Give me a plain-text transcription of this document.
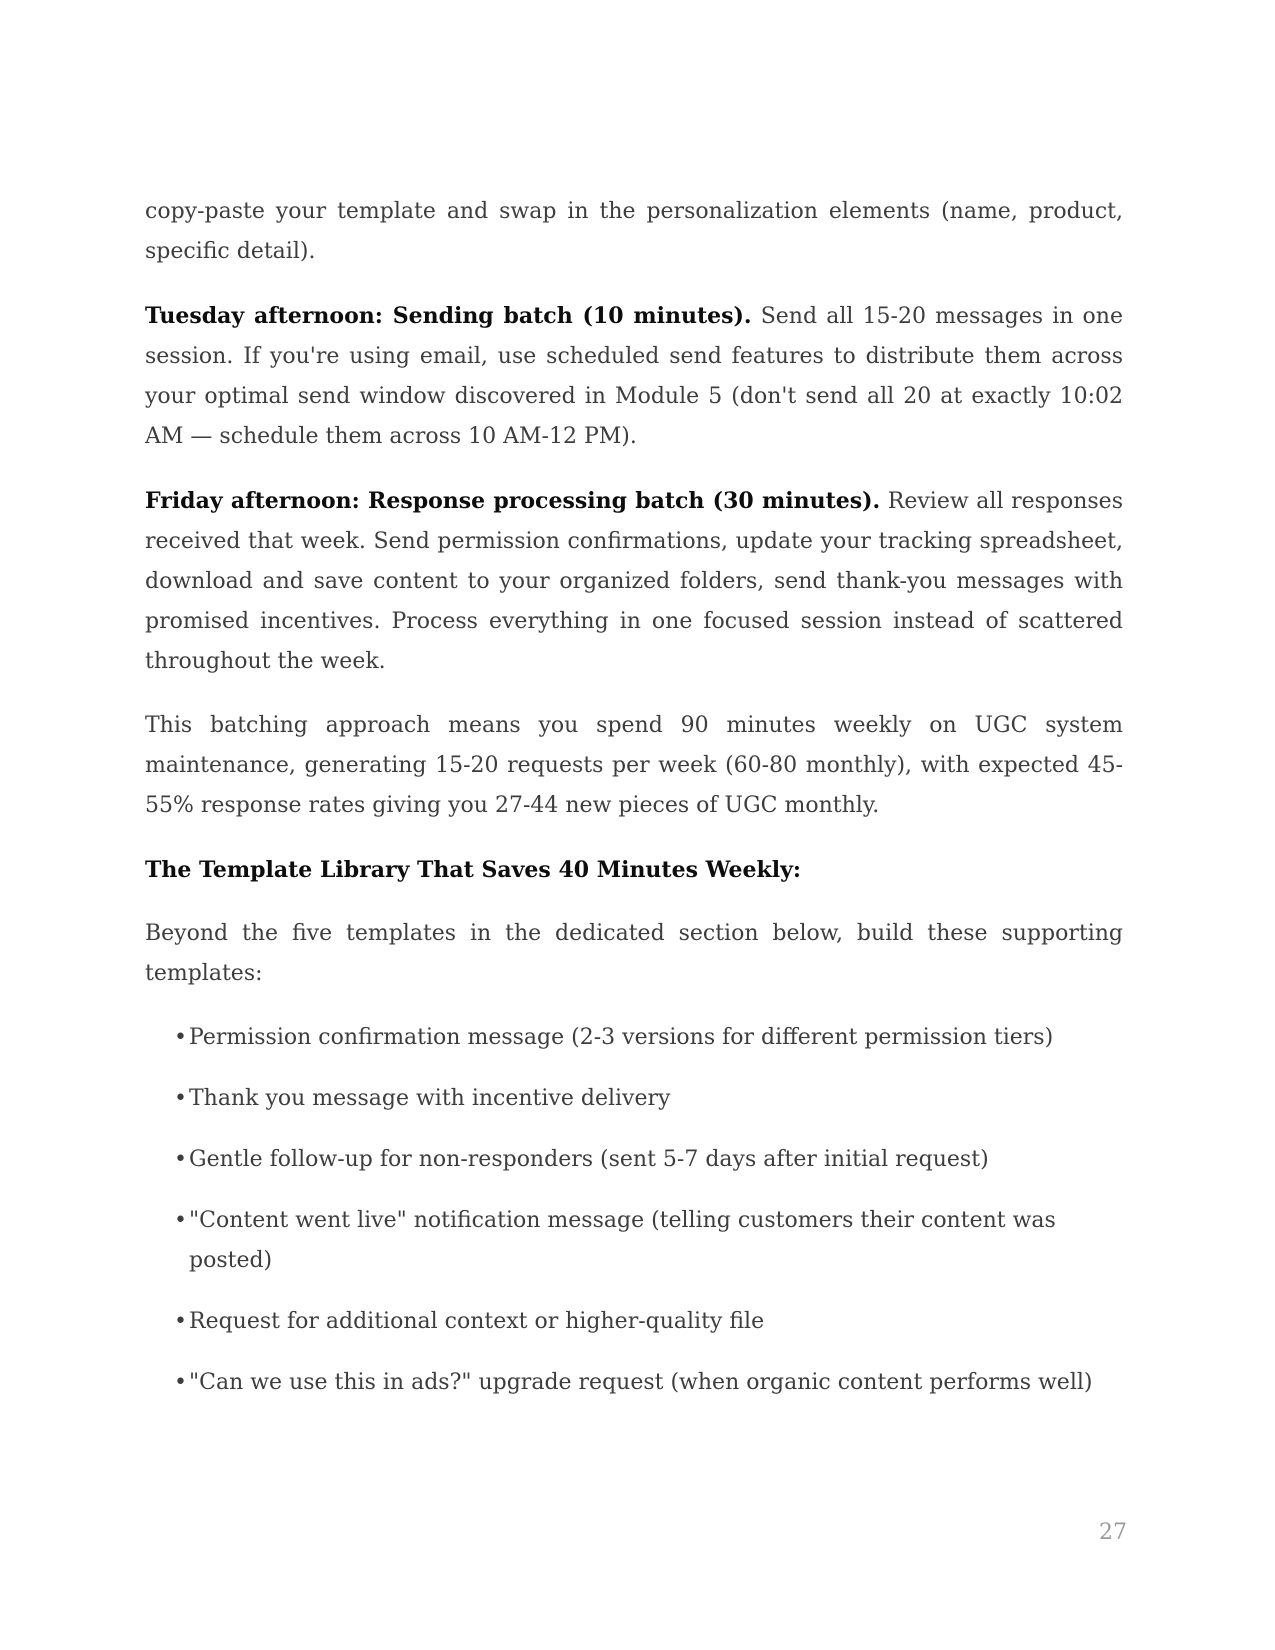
copy-paste your template and swap in the personalization elements (name, product, specific detail).

Tuesday afternoon: Sending batch (10 minutes). Send all 15-20 messages in one session. If you're using email, use scheduled send features to distribute them across your optimal send window discovered in Module 5 (don't send all 20 at exactly 10:02 AM — schedule them across 10 AM-12 PM).

Friday afternoon: Response processing batch (30 minutes). Review all responses received that week. Send permission confirmations, update your tracking spreadsheet, download and save content to your organized folders, send thank-you messages with promised incentives. Process everything in one focused session instead of scattered throughout the week.

This batching approach means you spend 90 minutes weekly on UGC system maintenance, generating 15-20 requests per week (60-80 monthly), with expected 45-55% response rates giving you 27-44 new pieces of UGC monthly.

The Template Library That Saves 40 Minutes Weekly:

Beyond the five templates in the dedicated section below, build these supporting templates:

• Permission confirmation message (2-3 versions for different permission tiers)
• Thank you message with incentive delivery
• Gentle follow-up for non-responders (sent 5-7 days after initial request)
• "Content went live" notification message (telling customers their content was posted)
• Request for additional context or higher-quality file
• "Can we use this in ads?" upgrade request (when organic content performs well)
27
